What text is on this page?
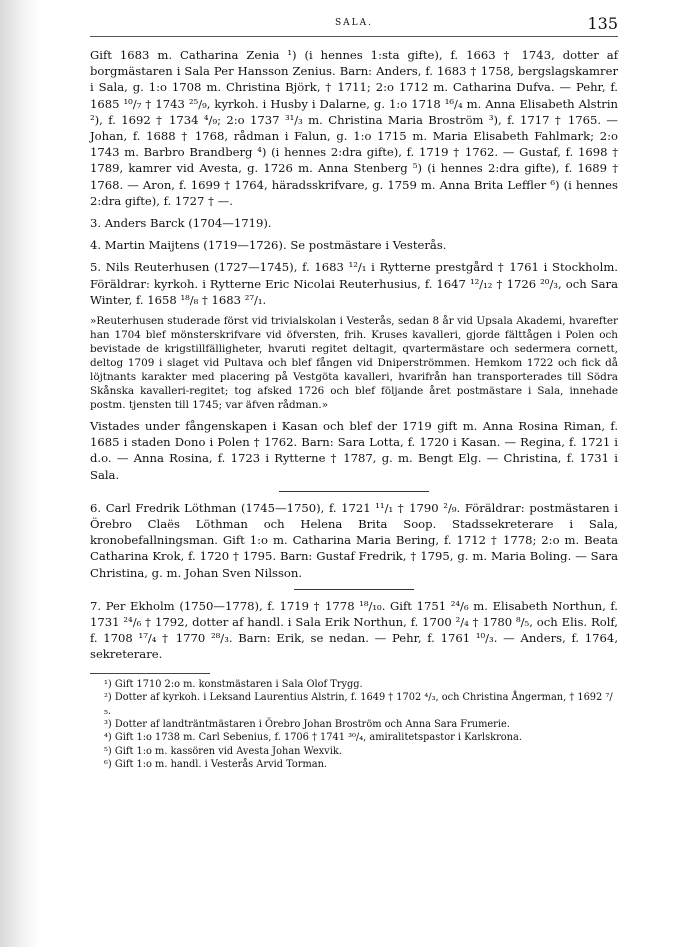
SALA.	135

Gift 1683 m. Catharina Zenia ¹) (i hennes 1:sta gifte), f. 1663 † 1743, dotter af borgmästaren i Sala Per Hansson Zenius. Barn: Anders, f. 1683 † 1758, bergslagskamrer i Sala, g. 1:o 1708 m. Christina Björk, † 1711; 2:o 1712 m. Catharina Dufva. — Pehr, f. 1685 ¹⁰/₇ † 1743 ²⁵/₉, kyrkoh. i Husby i Dalarne, g. 1:o 1718 ¹⁶/₄ m. Anna Elisabeth Alstrin ²), f. 1692 † 1734 ⁴/₉; 2:o 1737 ³¹/₃ m. Christina Maria Broström ³), f. 1717 † 1765. — Johan, f. 1688 † 1768, rådman i Falun, g. 1:o 1715 m. Maria Elisabeth Fahlmark; 2:o 1743 m. Barbro Brandberg ⁴) (i hennes 2:dra gifte), f. 1719 † 1762. — Gustaf, f. 1698 † 1789, kamrer vid Avesta, g. 1726 m. Anna Stenberg ⁵) (i hennes 2:dra gifte), f. 1689 † 1768. — Aron, f. 1699 † 1764, häradsskrifvare, g. 1759 m. Anna Brita Leffler ⁶) (i hennes 2:dra gifte), f. 1727 † —.

3. Anders Barck (1704—1719).

4. Martin Maijtens (1719—1726). Se postmästare i Vesterås.

5. Nils Reuterhusen (1727—1745), f. 1683 ¹²/₁ i Rytterne prestgård † 1761 i Stockholm. Föräldrar: kyrkoh. i Rytterne Eric Nicolai Reuterhusius, f. 1647 ¹²/₁₂ † 1726 ²⁰/₃, och Sara Winter, f. 1658 ¹⁸/₈ † 1683 ²⁷/₁.

»Reuterhusen studerade först vid trivialskolan i Vesterås, sedan 8 år vid Upsala Akademi, hvarefter han 1704 blef mönsterskrifvare vid öfversten, frih. Kruses kavalleri, gjorde fälttågen i Polen och bevistade de krigstillfälligheter, hvaruti regitet deltagit, qvartermästare och sedermera cornett, deltog 1709 i slaget vid Pultava och blef fången vid Dniperströmmen. Hemkom 1722 och fick då löjtnants karakter med placering på Vestgöta kavalleri, hvarifrån han transporterades till Södra Skånska kavalleri-regitet; tog afsked 1726 och blef följande året postmästare i Sala, innehade postm. tjensten till 1745; var äfven rådman.»

Vistades under fångenskapen i Kasan och blef der 1719 gift m. Anna Rosina Riman, f. 1685 i staden Dono i Polen † 1762. Barn: Sara Lotta, f. 1720 i Kasan. — Regina, f. 1721 i d.o. — Anna Rosina, f. 1723 i Rytterne † 1787, g. m. Bengt Elg. — Christina, f. 1731 i Sala.

6. Carl Fredrik Löthman (1745—1750), f. 1721 ¹¹/₁ † 1790 ²/₉. Föräldrar: postmästaren i Örebro Claës Löthman och Helena Brita Soop. Stadssekreterare i Sala, kronobefallningsman. Gift 1:o m. Catharina Maria Bering, f. 1712 † 1778; 2:o m. Beata Catharina Krok, f. 1720 † 1795. Barn: Gustaf Fredrik, † 1795, g. m. Maria Boling. — Sara Christina, g. m. Johan Sven Nilsson.

7. Per Ekholm (1750—1778), f. 1719 † 1778 ¹⁸/₁₀. Gift 1751 ²⁴/₆ m. Elisabeth Northun, f. 1731 ²⁴/₆ † 1792, dotter af handl. i Sala Erik Northun, f. 1700 ²/₄ † 1780 ⁸/₅, och Elis. Rolf, f. 1708 ¹⁷/₄ † 1770 ²⁸/₃. Barn: Erik, se nedan. — Pehr, f. 1761 ¹⁰/₃. — Anders, f. 1764, sekreterare.

¹) Gift 1710 2:o m. konstmästaren i Sala Olof Trygg.
²) Dotter af kyrkoh. i Leksand Laurentius Alstrin, f. 1649 † 1702 ⁴/₃, och Christina Ångerman, † 1692 ⁷/₅.
³) Dotter af landträntmästaren i Örebro Johan Broström och Anna Sara Frumerie.
⁴) Gift 1:o 1738 m. Carl Sebenius, f. 1706 † 1741 ³⁰/₄, amiralitetspastor i Karlskrona.
⁵) Gift 1:o m. kassören vid Avesta Johan Wexvik.
⁶) Gift 1:o m. handl. i Vesterås Arvid Torman.
